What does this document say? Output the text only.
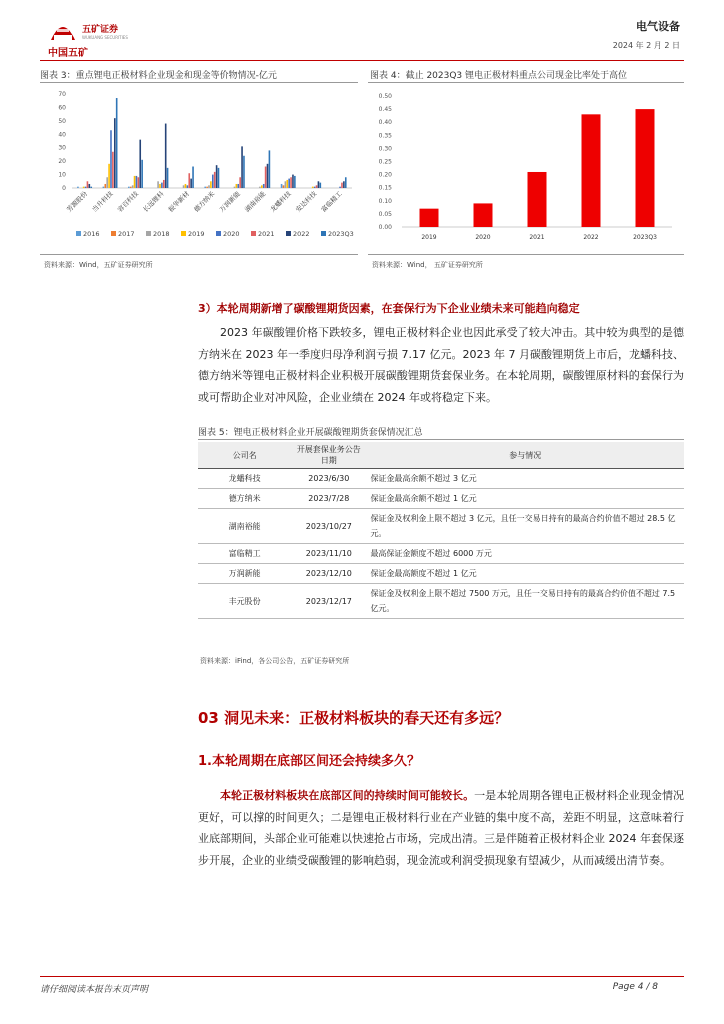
五矿证券
WUKUANG SECURITIES
中国五矿
电气设备
2024 年 2 月 2 日
图表 3：重点锂电正极材料企业现金和现金等价物情况-亿元
0
10
20
30
40
50
60
70
芳源股份 当升科技 容百科技 长远锂科 振华新材 德方纳米 万润新能 湖南裕能 龙蟠科技 安达科技 富临精工
2016	2017	2018	2019	2020	2021	2022	2023Q3
资料来源：Wind，五矿证券研究所
图表 4：截止 2023Q3 锂电正极材料重点公司现金比率处于高位
0.00
0.05
0.10
0.15
0.20
0.25
0.30
0.35
0.40
0.45
0.50
2019	2020	2021	2022	2023Q3
资料来源：Wind， 五矿证券研究所
3）本轮周期新增了碳酸锂期货因素，在套保行为下企业业绩未来可能趋向稳定
2023 年碳酸锂价格下跌较多，锂电正极材料企业也因此承受了较大冲击。其中较为典型的是德方纳米在 2023 年一季度归母净利润亏损 7.17 亿元。2023 年 7 月碳酸锂期货上市后，龙蟠科技、德方纳米等锂电正极材料企业积极开展碳酸锂期货套保业务。在本轮周期，碳酸锂原材料的套保行为或可帮助企业对冲风险，企业业绩在 2024 年或将稳定下来。
图表 5：锂电正极材料企业开展碳酸锂期货套保情况汇总
公司名	开展套保业务公告日期	参与情况
龙蟠科技	2023/6/30	保证金最高余额不超过 3 亿元
德方纳米	2023/7/28	保证金最高余额不超过 1 亿元
湖南裕能	2023/10/27	保证金及权利金上限不超过 3 亿元，且任一交易日持有的最高合约价值不超过 28.5 亿元。
富临精工	2023/11/10	最高保证金额度不超过 6000 万元
万润新能	2023/12/10	保证金最高额度不超过 1 亿元
丰元股份	2023/12/17	保证金及权利金上限不超过 7500 万元，且任一交易日持有的最高合约价值不超过 7.5 亿元。
资料来源：iFind，各公司公告，五矿证券研究所
03 洞见未来：正极材料板块的春天还有多远？
1.本轮周期在底部区间还会持续多久？
本轮正极材料板块在底部区间的持续时间可能较长。一是本轮周期各锂电正极材料企业现金情况更好，可以撑的时间更久；二是锂电正极材料行业在产业链的集中度不高，差距不明显，这意味着行业底部期间，头部企业可能难以快速抢占市场，完成出清。三是伴随着正极材料企业 2024 年套保逐步开展，企业的业绩受碳酸锂的影响趋弱，现金流或利润受损现象有望减少，从而减缓出清节奏。
请仔细阅读本报告末页声明	Page 4 / 8
